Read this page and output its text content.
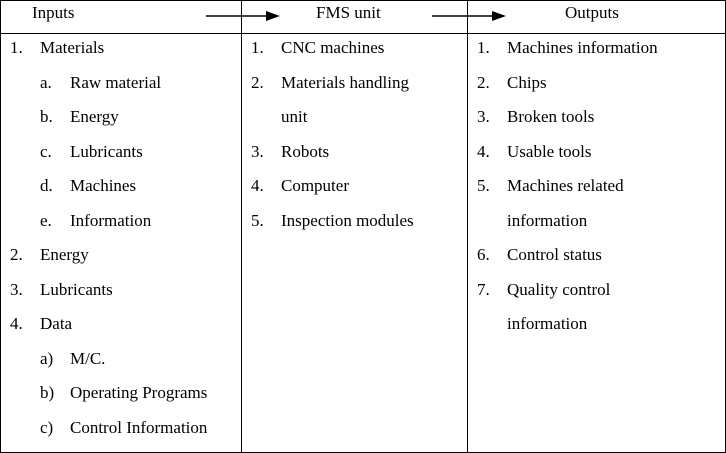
Inputs	FMS unit	Outputs
1. Materials
a. Raw material
b. Energy
c. Lubricants
d. Machines
e. Information
2. Energy
3. Lubricants
4. Data
a) M/C.
b) Operating Programs
c) Control Information
1. CNC machines
2. Materials handling
unit
3. Robots
4. Computer
5. Inspection modules
1. Machines information
2. Chips
3. Broken tools
4. Usable tools
5. Machines related
information
6. Control status
7. Quality control
information
